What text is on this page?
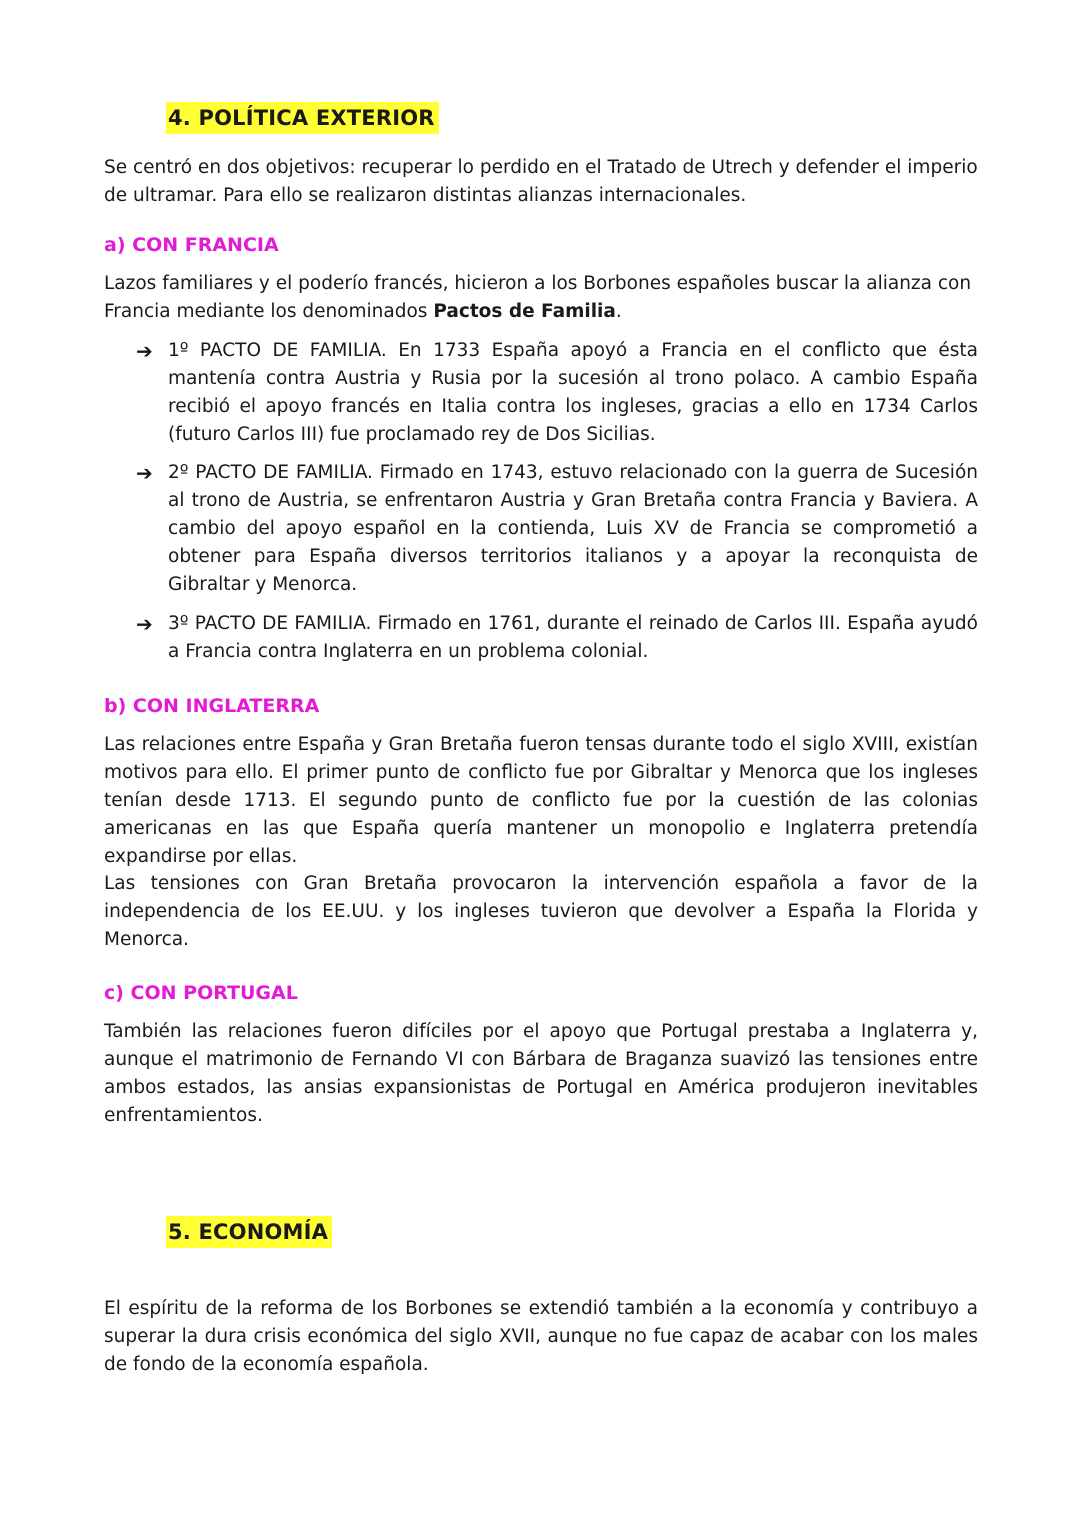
4. POLÍTICA EXTERIOR

Se centró en dos objetivos: recuperar lo perdido en el Tratado de Utrech y defender el imperio de ultramar. Para ello se realizaron distintas alianzas internacionales.

a) CON FRANCIA

Lazos familiares y el poderío francés, hicieron a los Borbones españoles buscar la alianza con Francia mediante los denominados Pactos de Familia.

➔ 1º PACTO DE FAMILIA. En 1733 España apoyó a Francia en el conflicto que ésta mantenía contra Austria y Rusia por la sucesión al trono polaco. A cambio España recibió el apoyo francés en Italia contra los ingleses, gracias a ello en 1734 Carlos (futuro Carlos III) fue proclamado rey de Dos Sicilias.
➔ 2º PACTO DE FAMILIA. Firmado en 1743, estuvo relacionado con la guerra de Sucesión al trono de Austria, se enfrentaron Austria y Gran Bretaña contra Francia y Baviera. A cambio del apoyo español en la contienda, Luis XV de Francia se comprometió a obtener para España diversos territorios italianos y a apoyar la reconquista de Gibraltar y Menorca.
➔ 3º PACTO DE FAMILIA. Firmado en 1761, durante el reinado de Carlos III. España ayudó a Francia contra Inglaterra en un problema colonial.
b) CON INGLATERRA

Las relaciones entre España y Gran Bretaña fueron tensas durante todo el siglo XVIII, existían motivos para ello. El primer punto de conflicto fue por Gibraltar y Menorca que los ingleses tenían desde 1713. El segundo punto de conflicto fue por la cuestión de las colonias americanas en las que España quería mantener un monopolio e Inglaterra pretendía expandirse por ellas.

Las tensiones con Gran Bretaña provocaron la intervención española a favor de la independencia de los EE.UU. y los ingleses tuvieron que devolver a España la Florida y Menorca.

c) CON PORTUGAL

También las relaciones fueron difíciles por el apoyo que Portugal prestaba a Inglaterra y, aunque el matrimonio de Fernando VI con Bárbara de Braganza suavizó las tensiones entre ambos estados, las ansias expansionistas de Portugal en América produjeron inevitables enfrentamientos.

5. ECONOMÍA

El espíritu de la reforma de los Borbones se extendió también a la economía y contribuyo a superar la dura crisis económica del siglo XVII, aunque no fue capaz de acabar con los males de fondo de la economía española.
